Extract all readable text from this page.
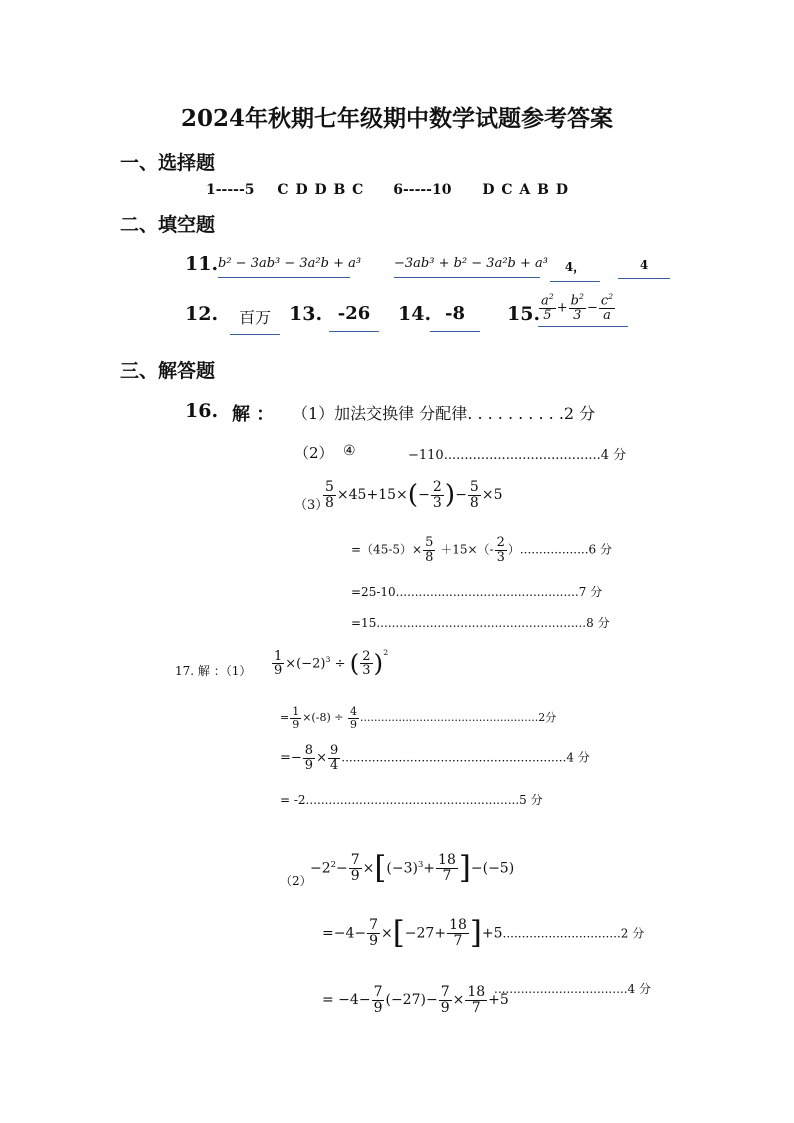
2024年秋期七年级期中数学试题参考答案
一、选择题
1-----5 C D D B C 6-----10 D C A B D
二、填空题
11. b² − 3ab³ − 3a²b + a³	−3ab³ + b² − 3a²b + a³	4，	4
12.	百万 13. -26	14. -8	15.
$\frac{a^2}{5} + \frac{b^2}{3} - \frac{c^2}{a}$
三、解答题
16. 解 ： （1）加法交换律 分配律. . . . . . . . . .2 分
（2） ④	−110......................................4 分
（3）
$\frac{5}{8} \times 45+15\times(- \frac{2}{3}$ )− $\frac{5}{8} \times 5$
$=(45-5)\times \frac{5}{8} +15\times(- \frac{2}{3} )..................6$ 分
=25-10................................................7 分
=15.......................................................8 分
17. 解 ：$(1) \frac{1}{9} \times(-2)^3$ ÷ ( $\frac{2}{3} )^2$
= $\frac{1}{9} \times(-8) \div \frac{4}{9} ...................................................2$分
=− $\frac{8}{9} \times \frac{9}{4} ...........................................................4$ 分
= -2........................................................5 分
（2）
$-2^2- \frac{7}{9} \times[(-3)^3+ \frac{18}{7} ]-(-5)$
$=-4- \frac{7}{9} \times[-27+ \frac{18}{7} ]+5...............................2$ 分
= $-4- \frac{7}{9} (-27)- \frac{7}{9} \times \frac{18}{7} +5$
...................................4 分
